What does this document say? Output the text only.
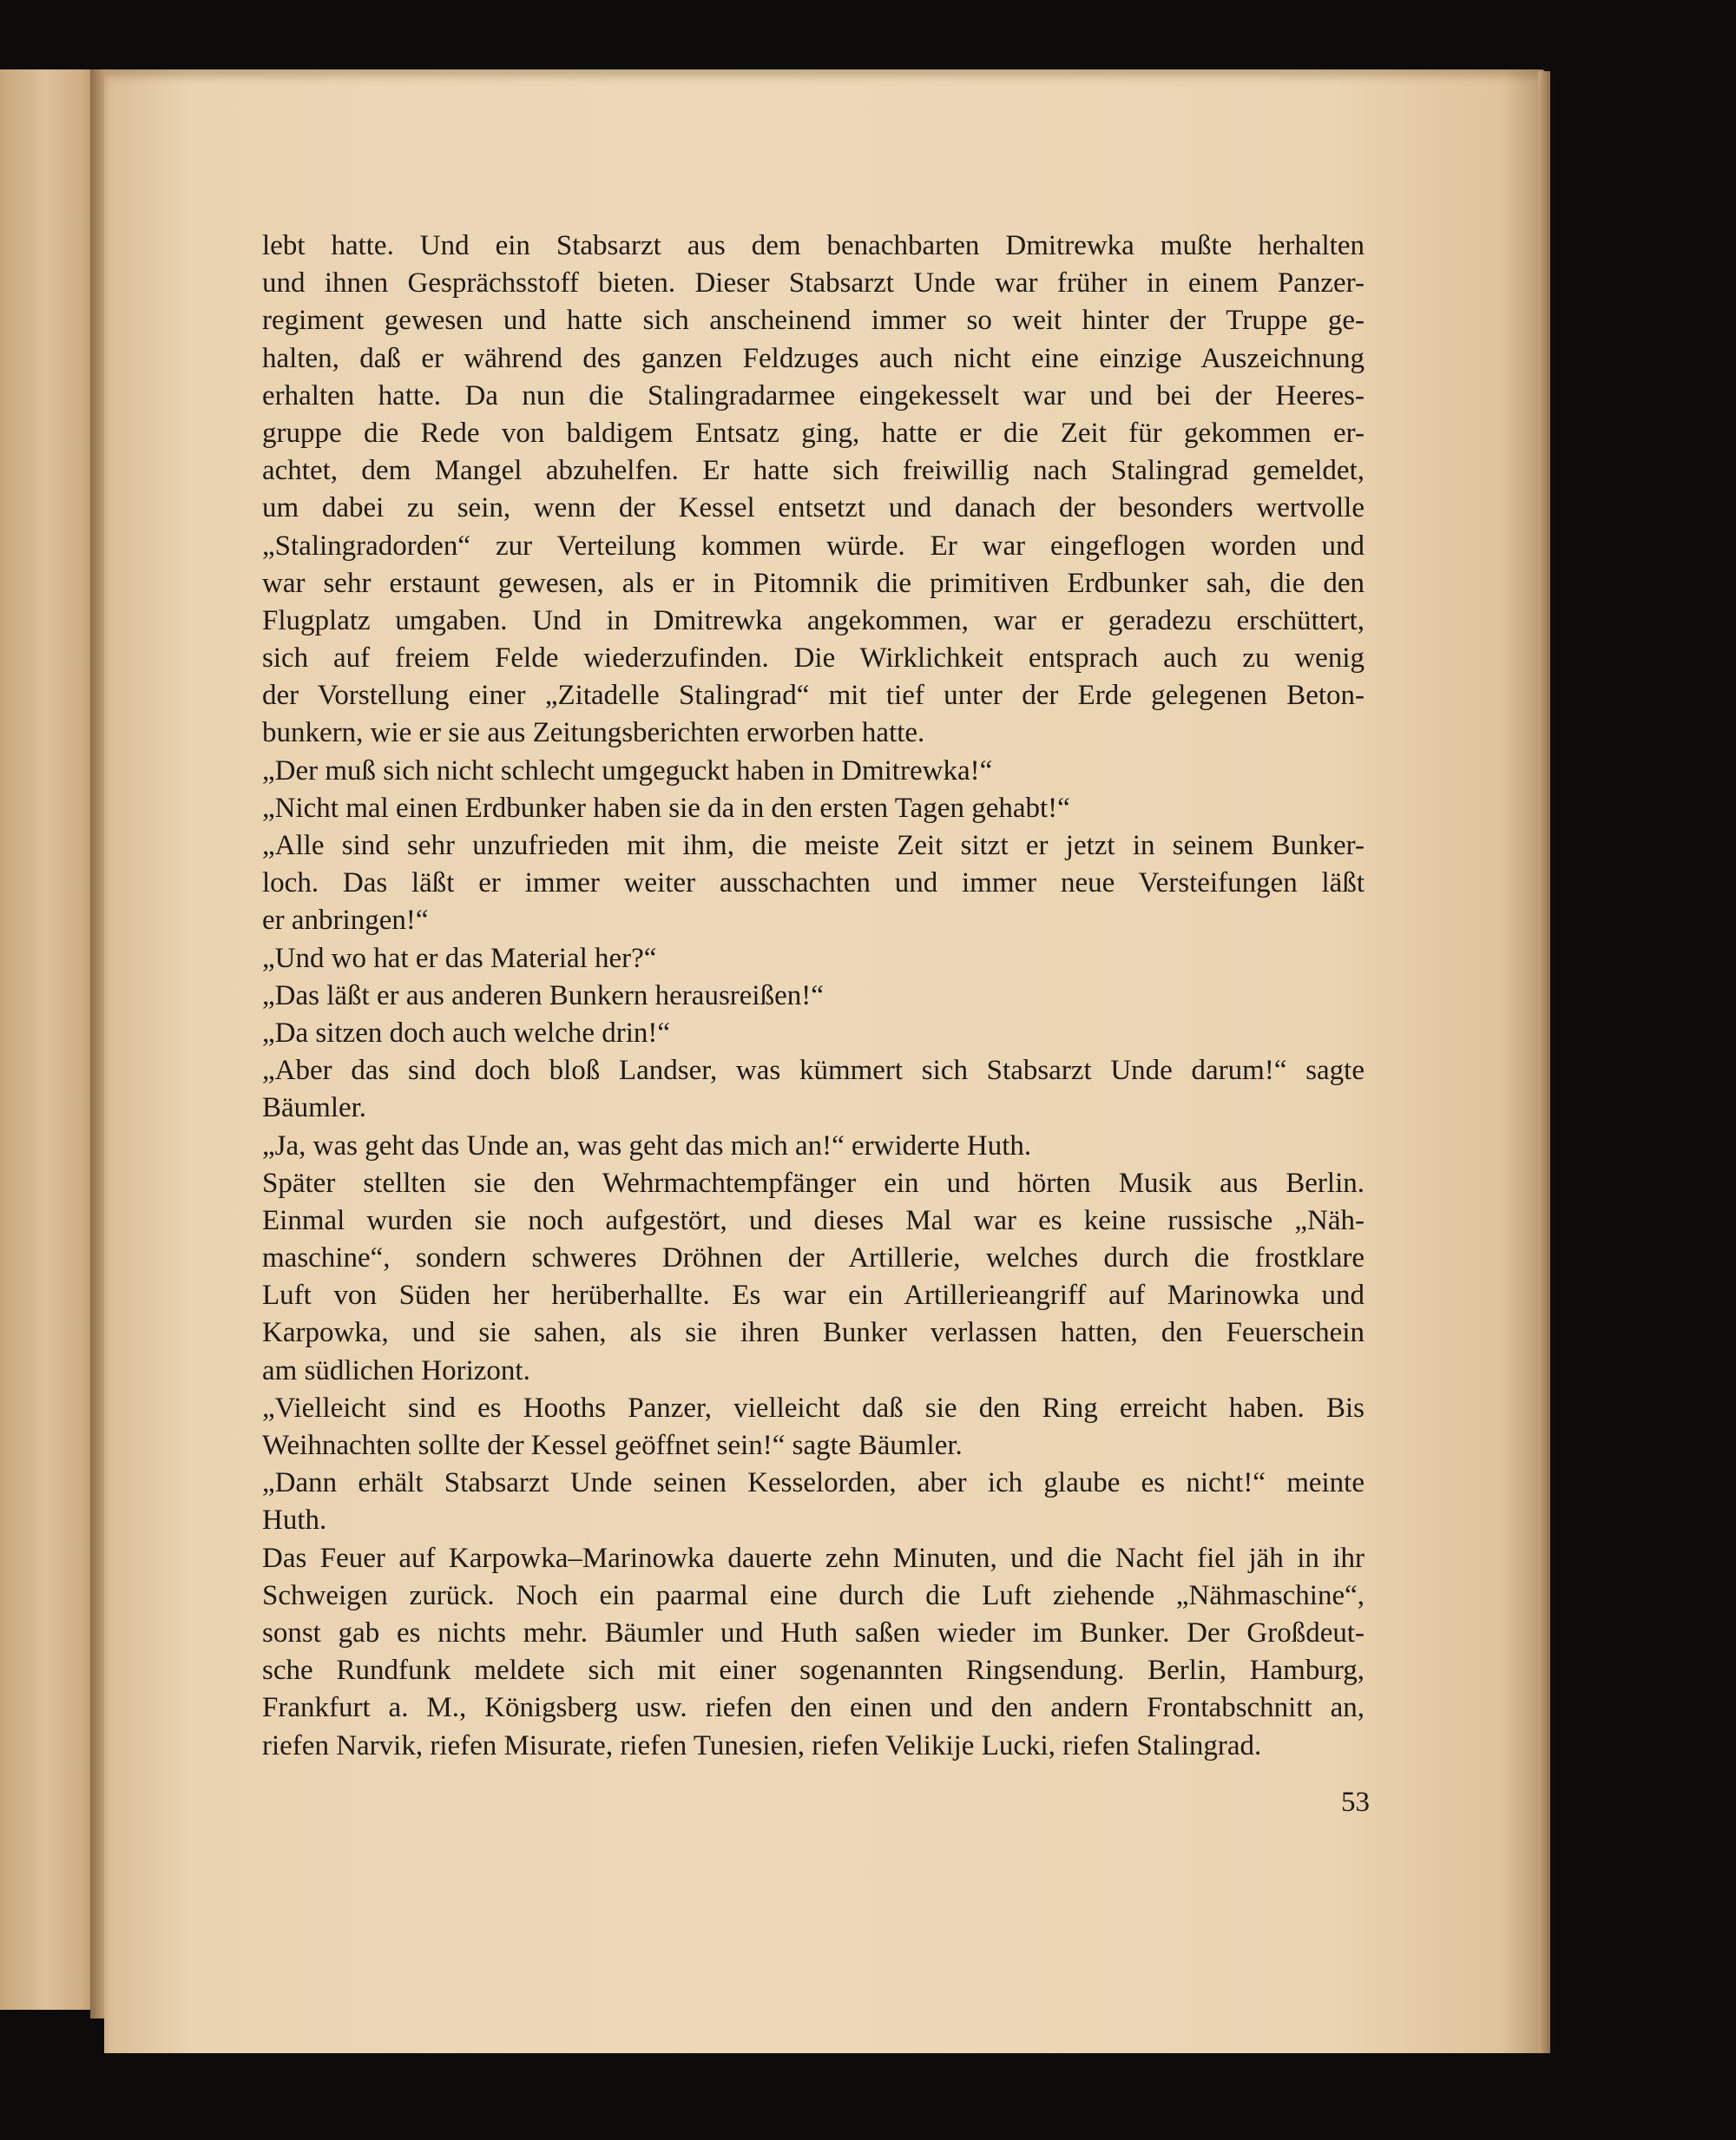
lebt hatte. Und ein Stabsarzt aus dem benachbarten Dmitrewka mußte herhalten
und ihnen Gesprächsstoff bieten. Dieser Stabsarzt Unde war früher in einem Panzer-
regiment gewesen und hatte sich anscheinend immer so weit hinter der Truppe ge-
halten, daß er während des ganzen Feldzuges auch nicht eine einzige Auszeichnung
erhalten hatte. Da nun die Stalingradarmee eingekesselt war und bei der Heeres-
gruppe die Rede von baldigem Entsatz ging, hatte er die Zeit für gekommen er-
achtet, dem Mangel abzuhelfen. Er hatte sich freiwillig nach Stalingrad gemeldet,
um dabei zu sein, wenn der Kessel entsetzt und danach der besonders wertvolle
„Stalingradorden“ zur Verteilung kommen würde. Er war eingeflogen worden und
war sehr erstaunt gewesen, als er in Pitomnik die primitiven Erdbunker sah, die den
Flugplatz umgaben. Und in Dmitrewka angekommen, war er geradezu erschüttert,
sich auf freiem Felde wiederzufinden. Die Wirklichkeit entsprach auch zu wenig
der Vorstellung einer „Zitadelle Stalingrad“ mit tief unter der Erde gelegenen Beton-
bunkern, wie er sie aus Zeitungsberichten erworben hatte.
„Der muß sich nicht schlecht umgeguckt haben in Dmitrewka!“
„Nicht mal einen Erdbunker haben sie da in den ersten Tagen gehabt!“
„Alle sind sehr unzufrieden mit ihm, die meiste Zeit sitzt er jetzt in seinem Bunker-
loch. Das läßt er immer weiter ausschachten und immer neue Versteifungen läßt
er anbringen!“
„Und wo hat er das Material her?“
„Das läßt er aus anderen Bunkern herausreißen!“
„Da sitzen doch auch welche drin!“
„Aber das sind doch bloß Landser, was kümmert sich Stabsarzt Unde darum!“ sagte
Bäumler.
„Ja, was geht das Unde an, was geht das mich an!“ erwiderte Huth.
Später stellten sie den Wehrmachtempfänger ein und hörten Musik aus Berlin.
Einmal wurden sie noch aufgestört, und dieses Mal war es keine russische „Näh-
maschine“, sondern schweres Dröhnen der Artillerie, welches durch die frostklare
Luft von Süden her herüberhallte. Es war ein Artillerieangriff auf Marinowka und
Karpowka, und sie sahen, als sie ihren Bunker verlassen hatten, den Feuerschein
am südlichen Horizont.
„Vielleicht sind es Hooths Panzer, vielleicht daß sie den Ring erreicht haben. Bis
Weihnachten sollte der Kessel geöffnet sein!“ sagte Bäumler.
„Dann erhält Stabsarzt Unde seinen Kesselorden, aber ich glaube es nicht!“ meinte
Huth.
Das Feuer auf Karpowka–Marinowka dauerte zehn Minuten, und die Nacht fiel jäh in ihr
Schweigen zurück. Noch ein paarmal eine durch die Luft ziehende „Nähmaschine“,
sonst gab es nichts mehr. Bäumler und Huth saßen wieder im Bunker. Der Großdeut-
sche Rundfunk meldete sich mit einer sogenannten Ringsendung. Berlin, Hamburg,
Frankfurt a. M., Königsberg usw. riefen den einen und den andern Frontabschnitt an,
riefen Narvik, riefen Misurate, riefen Tunesien, riefen Velikije Lucki, riefen Stalingrad.
53
